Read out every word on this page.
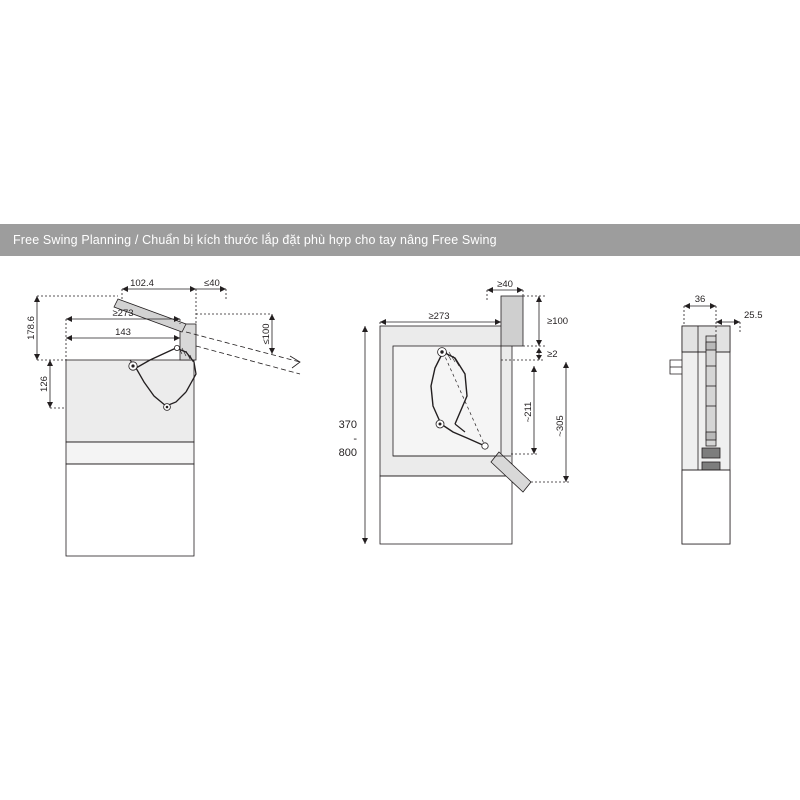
Free Swing Planning / Chuẩn bị kích thước lắp đặt phù hợp cho tay nâng Free Swing
102.4	≤40
178.6
≥273
143	≤100
126
≥40
≥273	≥100
≥2
~211
~305
370
-
800
36
25.5
